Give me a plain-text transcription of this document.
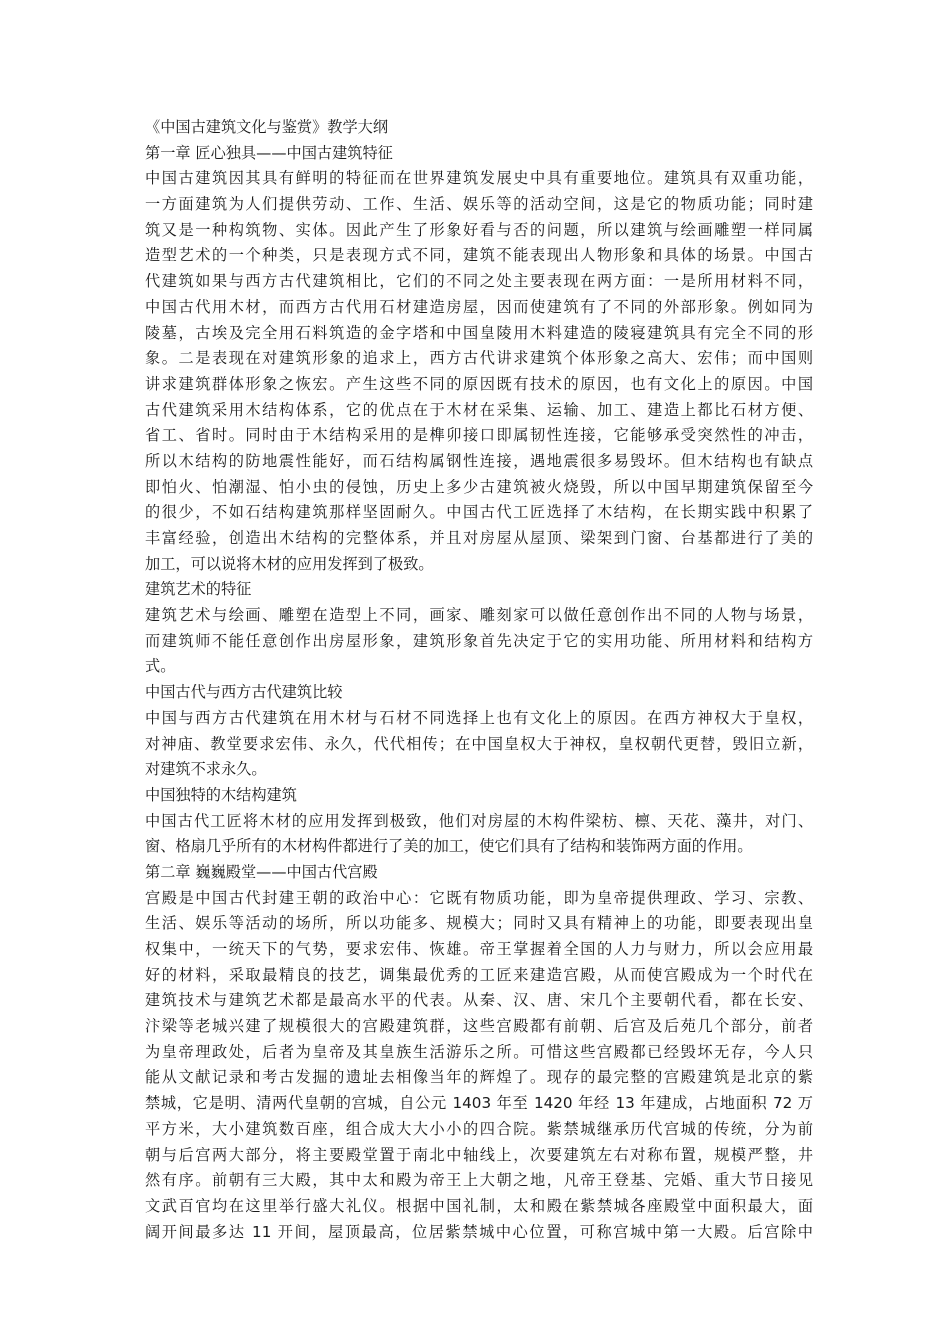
《中国古建筑文化与鉴赏》教学大纲
第一章 匠心独具——中国古建筑特征
中国古建筑因其具有鲜明的特征而在世界建筑发展史中具有重要地位。建筑具有双重功能，
一方面建筑为人们提供劳动、工作、生活、娱乐等的活动空间，这是它的物质功能；同时建
筑又是一种构筑物、实体。因此产生了形象好看与否的问题，所以建筑与绘画雕塑一样同属
造型艺术的一个种类，只是表现方式不同，建筑不能表现出人物形象和具体的场景。中国古
代建筑如果与西方古代建筑相比，它们的不同之处主要表现在两方面：一是所用材料不同，
中国古代用木材，而西方古代用石材建造房屋，因而使建筑有了不同的外部形象。例如同为
陵墓，古埃及完全用石料筑造的金字塔和中国皇陵用木料建造的陵寝建筑具有完全不同的形
象。二是表现在对建筑形象的追求上，西方古代讲求建筑个体形象之高大、宏伟；而中国则
讲求建筑群体形象之恢宏。产生这些不同的原因既有技术的原因，也有文化上的原因。中国
古代建筑采用木结构体系，它的优点在于木材在采集、运输、加工、建造上都比石材方便、
省工、省时。同时由于木结构采用的是榫卯接口即属韧性连接，它能够承受突然性的冲击，
所以木结构的防地震性能好，而石结构属钢性连接，遇地震很多易毁坏。但木结构也有缺点
即怕火、怕潮湿、怕小虫的侵蚀，历史上多少古建筑被火烧毁，所以中国早期建筑保留至今
的很少，不如石结构建筑那样坚固耐久。中国古代工匠选择了木结构，在长期实践中积累了
丰富经验，创造出木结构的完整体系，并且对房屋从屋顶、梁架到门窗、台基都进行了美的
加工，可以说将木材的应用发挥到了极致。
建筑艺术的特征
建筑艺术与绘画、雕塑在造型上不同，画家、雕刻家可以做任意创作出不同的人物与场景，
而建筑师不能任意创作出房屋形象，建筑形象首先决定于它的实用功能、所用材料和结构方
式。
中国古代与西方古代建筑比较
中国与西方古代建筑在用木材与石材不同选择上也有文化上的原因。在西方神权大于皇权，
对神庙、教堂要求宏伟、永久，代代相传；在中国皇权大于神权，皇权朝代更替，毁旧立新，
对建筑不求永久。
中国独特的木结构建筑
中国古代工匠将木材的应用发挥到极致，他们对房屋的木构件梁枋、檩、天花、藻井，对门、
窗、格扇几乎所有的木材构件都进行了美的加工，使它们具有了结构和装饰两方面的作用。
第二章 巍巍殿堂——中国古代宫殿
宫殿是中国古代封建王朝的政治中心：它既有物质功能，即为皇帝提供理政、学习、宗教、
生活、娱乐等活动的场所，所以功能多、规模大；同时又具有精神上的功能，即要表现出皇
权集中，一统天下的气势，要求宏伟、恢雄。帝王掌握着全国的人力与财力，所以会应用最
好的材料，采取最精良的技艺，调集最优秀的工匠来建造宫殿，从而使宫殿成为一个时代在
建筑技术与建筑艺术都是最高水平的代表。从秦、汉、唐、宋几个主要朝代看，都在长安、
汴梁等老城兴建了规模很大的宫殿建筑群，这些宫殿都有前朝、后宫及后苑几个部分，前者
为皇帝理政处，后者为皇帝及其皇族生活游乐之所。可惜这些宫殿都已经毁坏无存，今人只
能从文献记录和考古发掘的遗址去相像当年的辉煌了。现存的最完整的宫殿建筑是北京的紫
禁城，它是明、清两代皇朝的宫城，自公元 1403 年至 1420 年经 13 年建成，占地面积 72 万
平方米，大小建筑数百座，组合成大大小小的四合院。紫禁城继承历代宫城的传统，分为前
朝与后宫两大部分，将主要殿堂置于南北中轴线上，次要建筑左右对称布置，规模严整，井
然有序。前朝有三大殿，其中太和殿为帝王上大朝之地，凡帝王登基、完婚、重大节日接见
文武百官均在这里举行盛大礼仪。根据中国礼制，太和殿在紫禁城各座殿堂中面积最大，面
阔开间最多达 11 开间，屋顶最高，位居紫禁城中心位置，可称宫城中第一大殿。后宫除中
